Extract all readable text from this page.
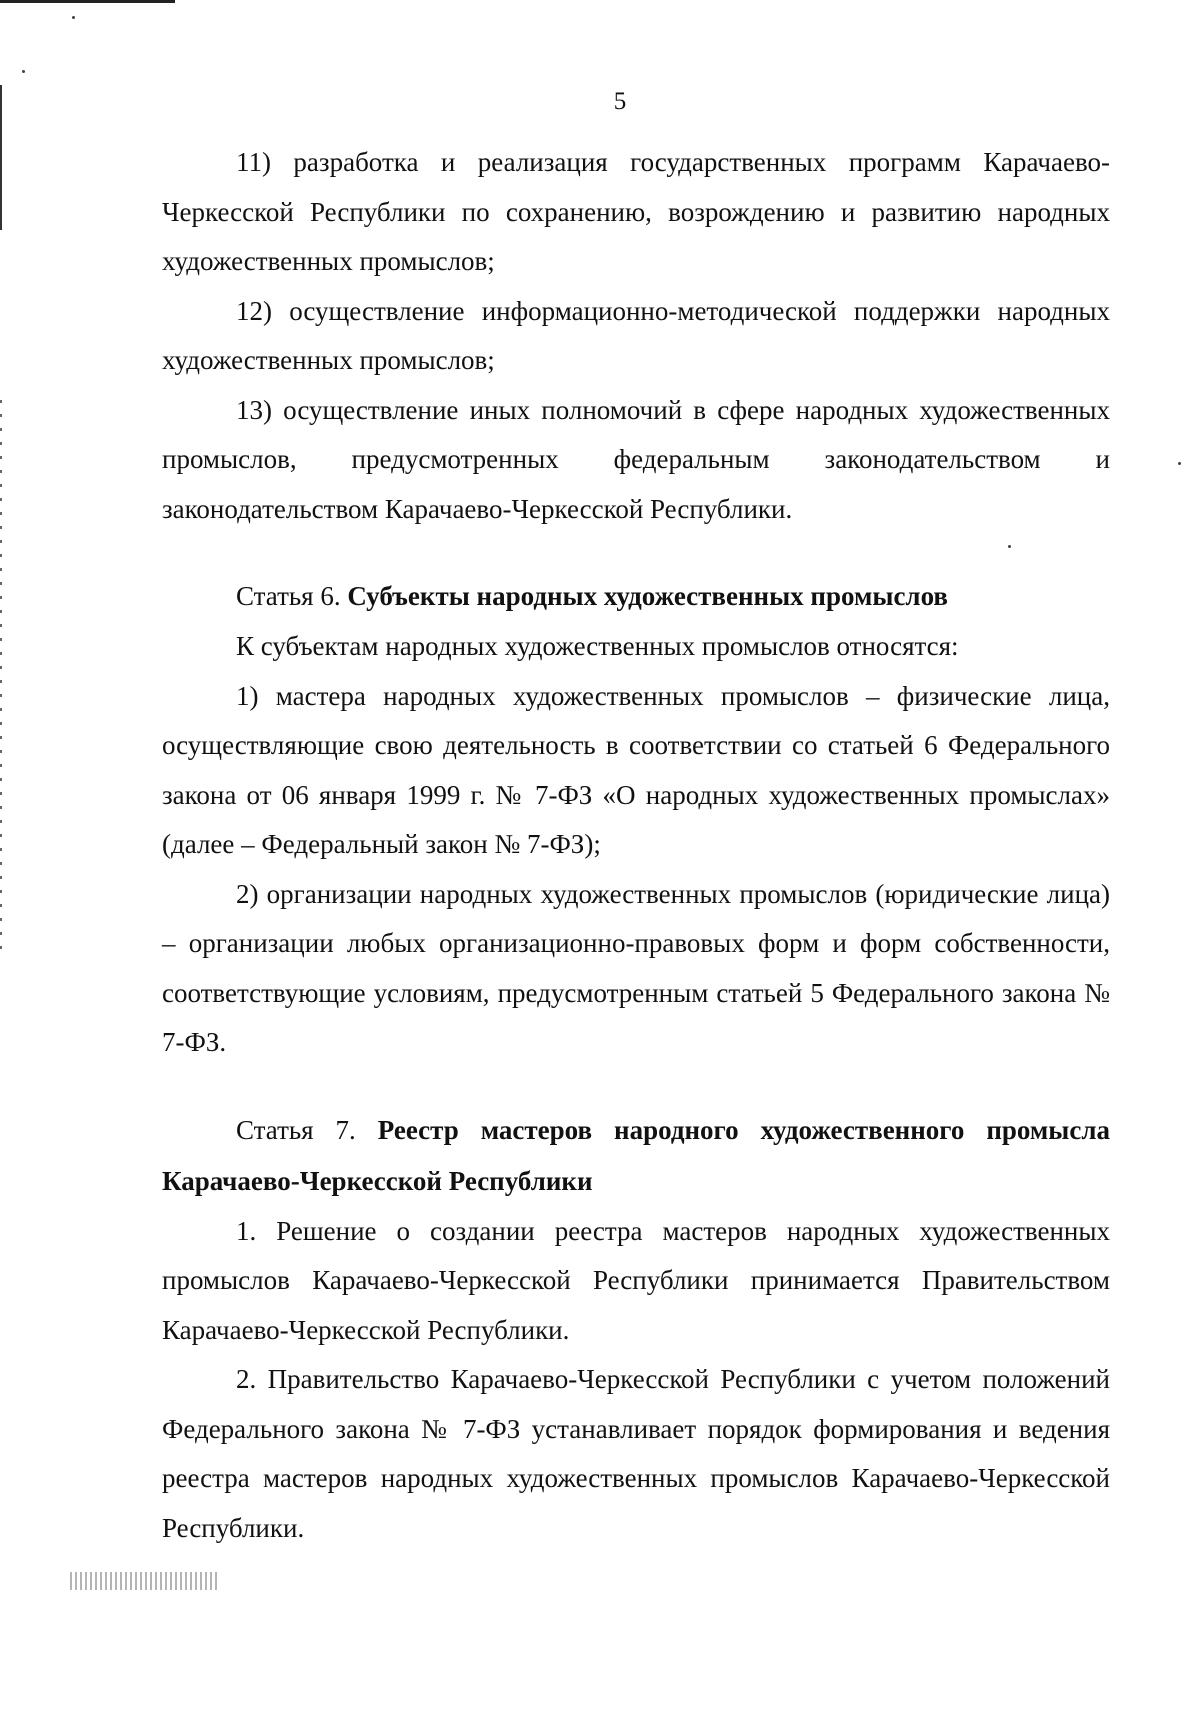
5

11) разработка и реализация государственных программ Карачаево-Черкесской Республики по сохранению, возрождению и развитию народных художественных промыслов;

12) осуществление информационно-методической поддержки народных художественных промыслов;

13) осуществление иных полномочий в сфере народных художественных промыслов, предусмотренных федеральным законодательством и законодательством Карачаево-Черкесской Республики.

Статья 6. Субъекты народных художественных промыслов

К субъектам народных художественных промыслов относятся:

1) мастера народных художественных промыслов – физические лица, осуществляющие свою деятельность в соответствии со статьей 6 Федерального закона от 06 января 1999 г. № 7-ФЗ «О народных художественных промыслах» (далее – Федеральный закон № 7-ФЗ);

2) организации народных художественных промыслов (юридические лица) – организации любых организационно-правовых форм и форм собственности, соответствующие условиям, предусмотренным статьей 5 Федерального закона № 7-ФЗ.

Статья 7. Реестр мастеров народного художественного промысла Карачаево-Черкесской Республики

1. Решение о создании реестра мастеров народных художественных промыслов Карачаево-Черкесской Республики принимается Правительством Карачаево-Черкесской Республики.

2. Правительство Карачаево-Черкесской Республики с учетом положений Федерального закона № 7-ФЗ устанавливает порядок формирования и ведения реестра мастеров народных художественных промыслов Карачаево-Черкесской Республики.
